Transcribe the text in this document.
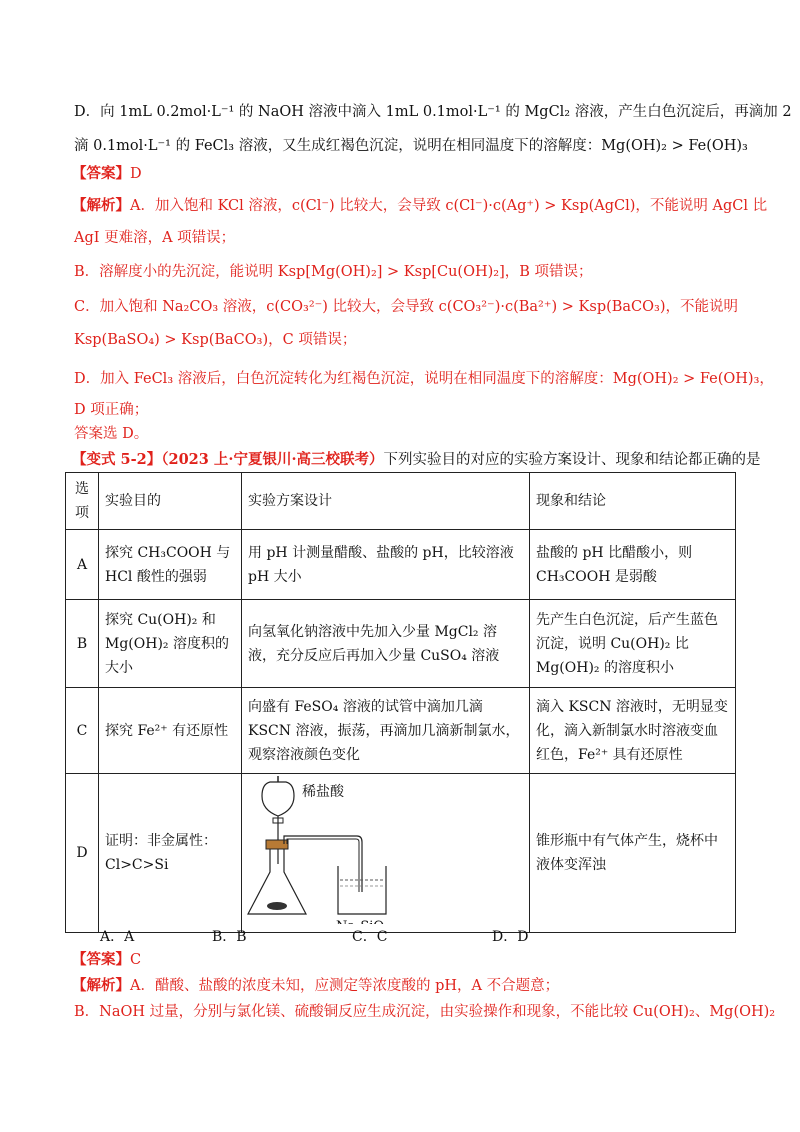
D．向 1mL 0.2mol·L⁻¹ 的 NaOH 溶液中滴入 1mL 0.1mol·L⁻¹ 的 MgCl₂ 溶液，产生白色沉淀后，再滴加 2
滴 0.1mol·L⁻¹ 的 FeCl₃ 溶液，又生成红褐色沉淀，说明在相同温度下的溶解度：Mg(OH)₂ > Fe(OH)₃
【答案】D
【解析】A．加入饱和 KCl 溶液，c(Cl⁻) 比较大，会导致 c(Cl⁻)·c(Ag⁺) > Ksp(AgCl)，不能说明 AgCl 比
AgI 更难溶，A 项错误；
B．溶解度小的先沉淀，能说明 Ksp[Mg(OH)₂] > Ksp[Cu(OH)₂]，B 项错误；
C．加入饱和 Na₂CO₃ 溶液，c(CO₃²⁻) 比较大，会导致 c(CO₃²⁻)·c(Ba²⁺) > Ksp(BaCO₃)，不能说明
Ksp(BaSO₄) > Ksp(BaCO₃)，C 项错误；
D．加入 FeCl₃ 溶液后，白色沉淀转化为红褐色沉淀，说明在相同温度下的溶解度：Mg(OH)₂ > Fe(OH)₃，
D 项正确；
答案选 D。
【变式 5-2】（2023 上·宁夏银川·高三校联考）下列实验目的对应的实验方案设计、现象和结论都正确的是
选项	实验目的	实验方案设计	现象和结论
A	探究 CH₃COOH 与 HCl 酸性的强弱	用 pH 计测量醋酸、盐酸的 pH，比较溶液 pH 大小	盐酸的 pH 比醋酸小，则 CH₃COOH 是弱酸
B	探究 Cu(OH)₂ 和 Mg(OH)₂ 溶度积的大小	向氢氧化钠溶液中先加入少量 MgCl₂ 溶液，充分反应后再加入少量 CuSO₄ 溶液	先产生白色沉淀，后产生蓝色沉淀，说明 Cu(OH)₂ 比 Mg(OH)₂ 的溶度积小
C	探究 Fe²⁺ 有还原性	向盛有 FeSO₄ 溶液的试管中滴加几滴 KSCN 溶液，振荡，再滴加几滴新制氯水，观察溶液颜色变化	滴入 KSCN 溶液时，无明显变化，滴入新制氯水时溶液变血红色，Fe²⁺ 具有还原性
D	证明：非金属性：Cl>C>Si	稀盐酸	锥形瓶中有气体产生，烧杯中液体变浑浊
A．A	B．B	C．C	D．D
【答案】C
【解析】A．醋酸、盐酸的浓度未知，应测定等浓度酸的 pH，A 不合题意；
B．NaOH 过量，分别与氯化镁、硫酸铜反应生成沉淀，由实验操作和现象，不能比较 Cu(OH)₂、Mg(OH)₂
